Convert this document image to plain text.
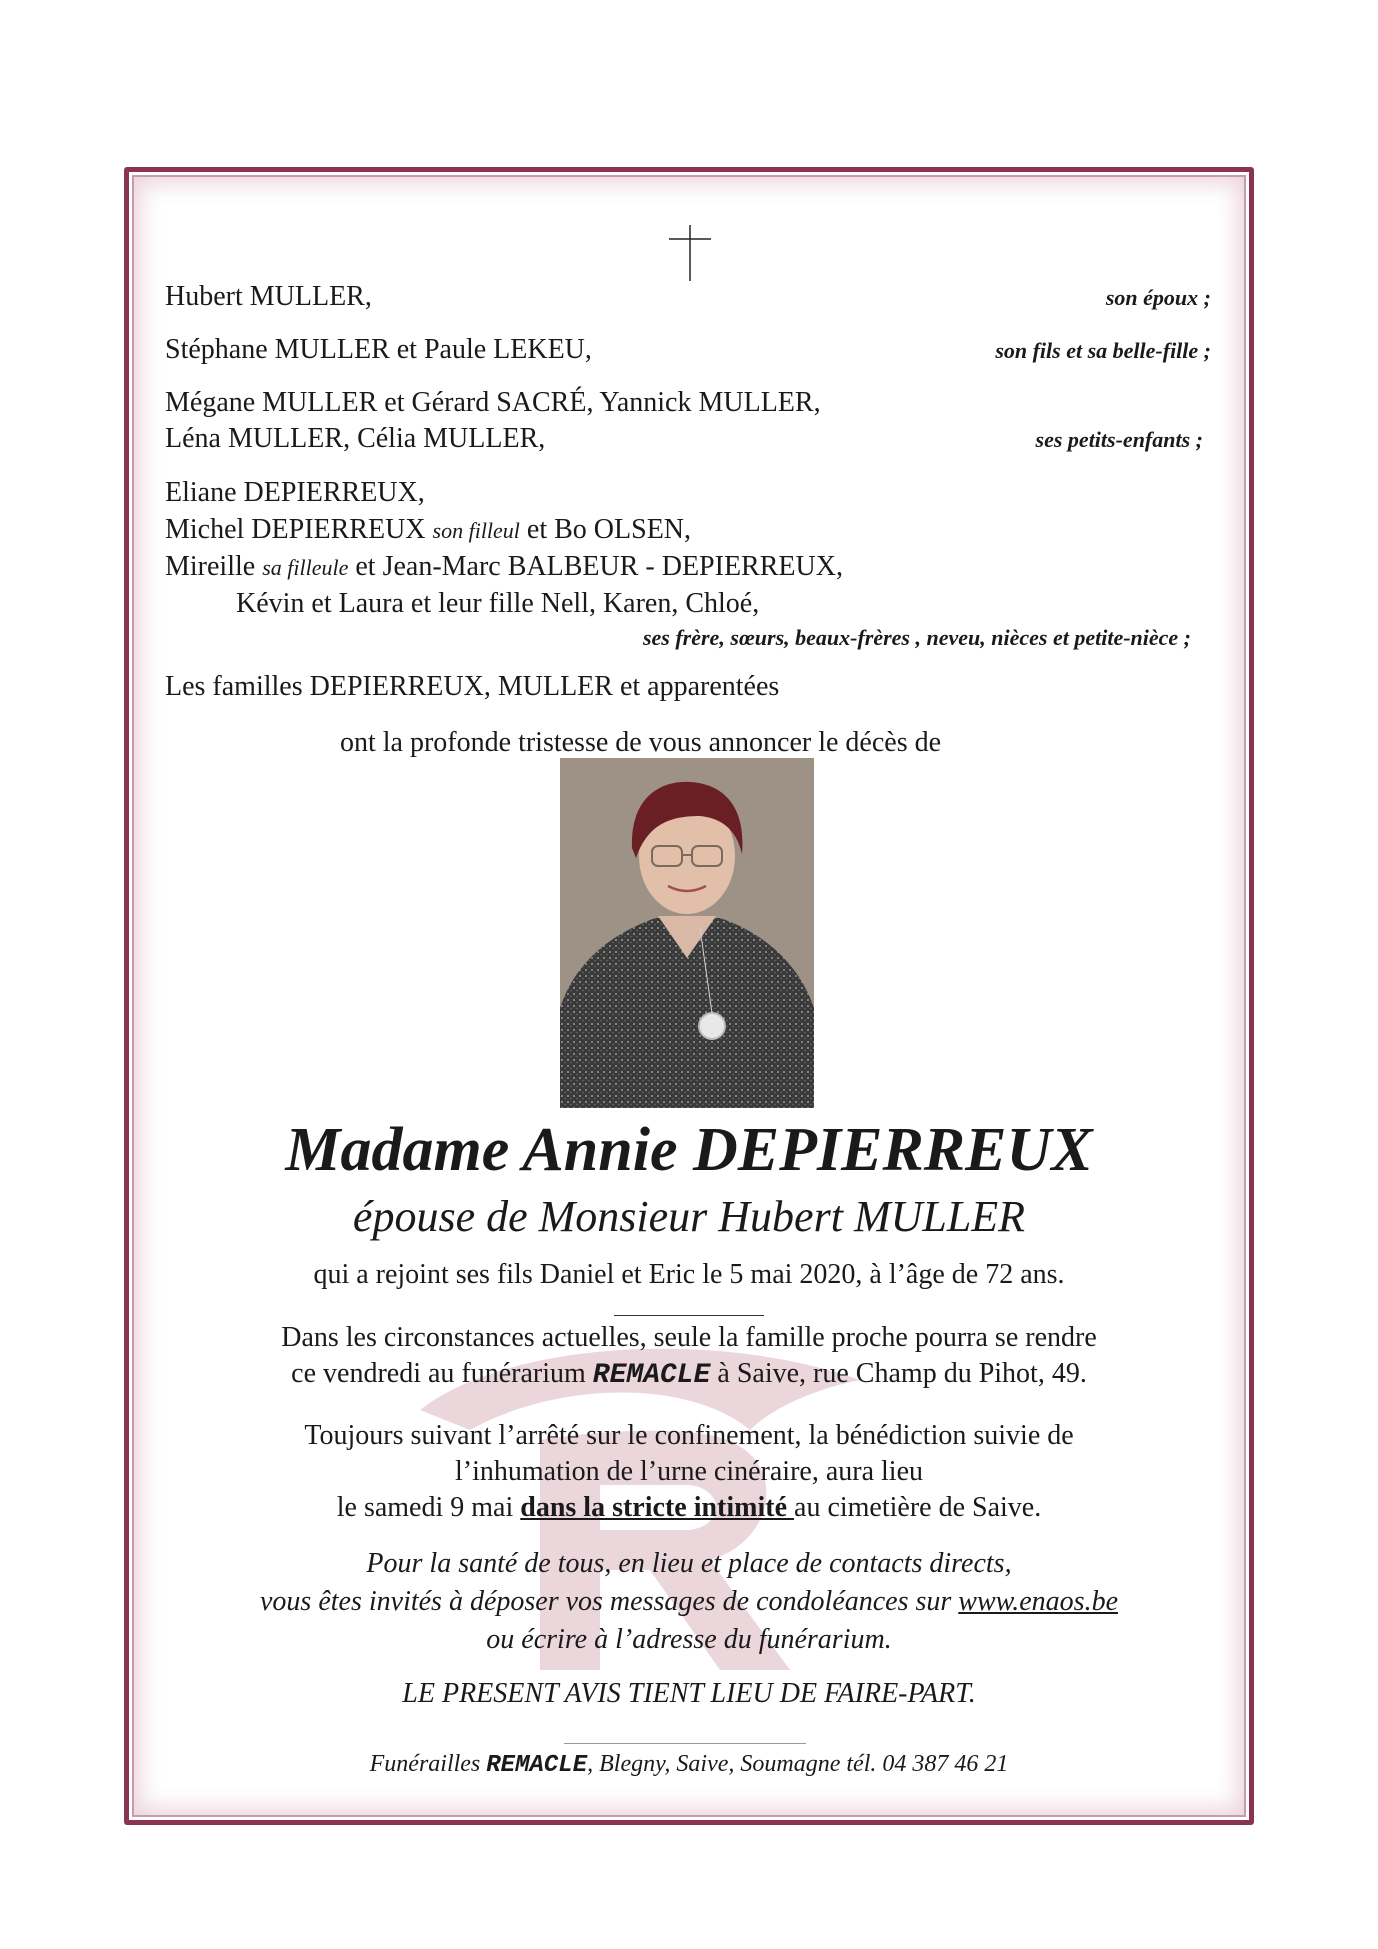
Hubert MULLER,	son époux ;
Stéphane MULLER et Paule LEKEU,	son fils et sa belle-fille ;
Mégane MULLER et Gérard SACRÉ, Yannick MULLER,
Léna MULLER, Célia MULLER,	ses petits-enfants ;
Eliane DEPIERREUX,
Michel DEPIERREUX son filleul et Bo OLSEN,
Mireille sa filleule et Jean-Marc BALBEUR - DEPIERREUX,
Kévin et Laura et leur fille Nell, Karen, Chloé,
ses frère, sœurs, beaux-frères , neveu, nièces et petite-nièce ;
Les familles DEPIERREUX, MULLER et apparentées
ont la profonde tristesse de vous annoncer le décès de
Madame Annie DEPIERREUX
épouse de Monsieur Hubert MULLER
qui a rejoint ses fils Daniel et Eric le 5 mai 2020, à l’âge de 72 ans.
Dans les circonstances actuelles, seule la famille proche pourra se rendre
ce vendredi au funérarium REMACLE à Saive, rue Champ du Pihot, 49.
Toujours suivant l’arrêté sur le confinement, la bénédiction suivie de
l’inhumation de l’urne cinéraire, aura lieu
le samedi 9 mai dans la stricte intimité au cimetière de Saive.
Pour la santé de tous, en lieu et place de contacts directs,
vous êtes invités à déposer vos messages de condoléances sur www.enaos.be
ou écrire à l’adresse du funérarium.
LE PRESENT AVIS TIENT LIEU DE FAIRE-PART.
Funérailles REMACLE, Blegny, Saive, Soumagne tél. 04 387 46 21
